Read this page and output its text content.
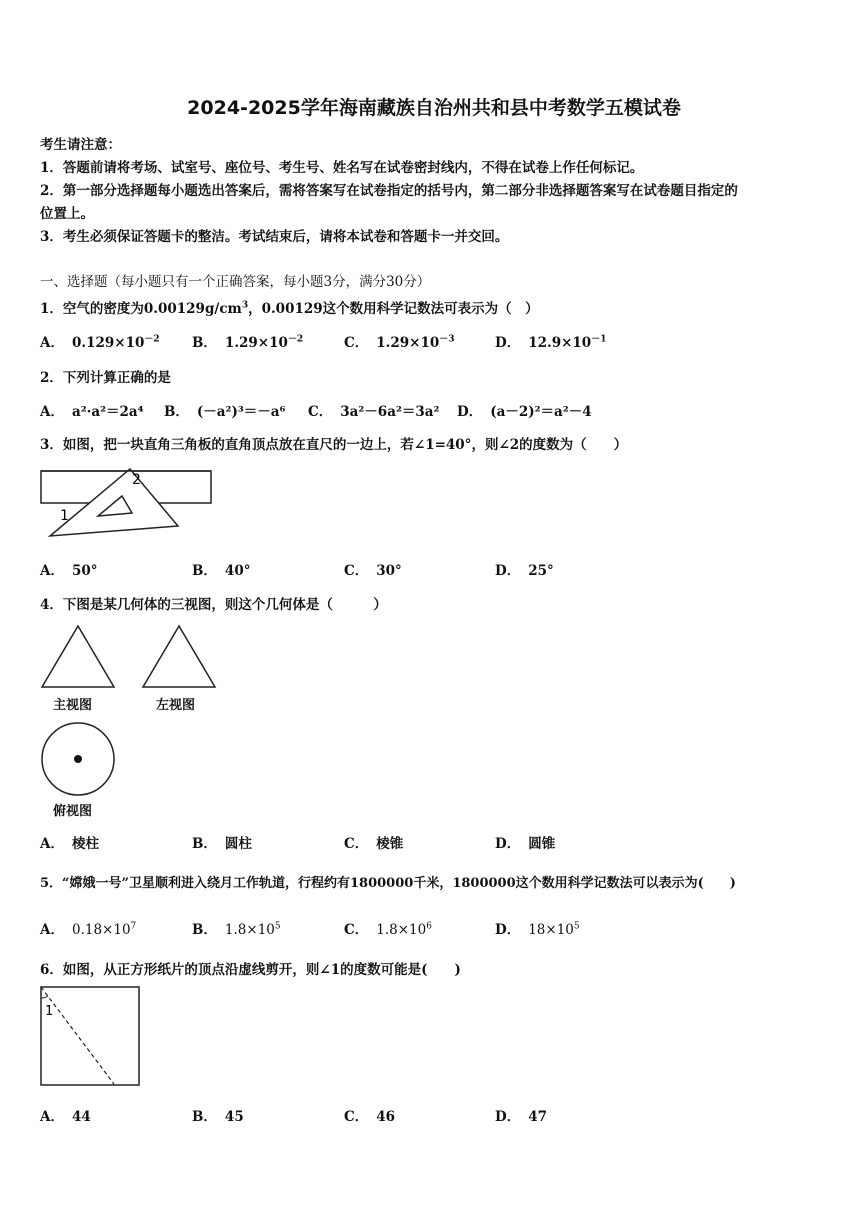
2024-2025学年海南藏族自治州共和县中考数学五模试卷
考生请注意：
1．答题前请将考场、试室号、座位号、考生号、姓名写在试卷密封线内，不得在试卷上作任何标记。
2．第一部分选择题每小题选出答案后，需将答案写在试卷指定的括号内，第二部分非选择题答案写在试卷题目指定的
位置上。
3．考生必须保证答题卡的整洁。考试结束后，请将本试卷和答题卡一并交回。
一、选择题（每小题只有一个正确答案，每小题3分，满分30分）
1．空气的密度为$0.00129g/cm^3$，0.00129这个数用科学记数法可表示为（　）
A． $0.129\times 10^{-2}$ B． $1.29\times 10^{-2}$	C． $1.29\times 10^{-3}$	D． $12.9\times 10^{-1}$
2．下列计算正确的是
A． a²·a²＝2a⁴ B． (－a²)³＝－a⁶ C． 3a²－6a²＝3a² D． (a－2)²＝a²－4
3．如图，把一块直角三角板的直角顶点放在直尺的一边上，若∠1=40°，则∠2的度数为（　　）
2
1
A． 50°	B． 40°	C． 30°	D． 25°
4．下图是某几何体的三视图，则这个几何体是（　　　）
主视图	左视图
俯视图
A． 棱柱	B． 圆柱	C． 棱锥	D． 圆锥
5．“嫦娥一号”卫星顺利进入绕月工作轨道，行程约有1800000千米，1800000这个数用科学记数法可以表示为(　　)
A． $0.18\times 10^7$	B． $1.8\times 10^5$	C． $1.8\times 10^6$	D． $18\times 10^5$
6．如图，从正方形纸片的顶点沿虚线剪开，则∠1的度数可能是(　　)
1
A． 44	B． 45	C． 46	D． 47
